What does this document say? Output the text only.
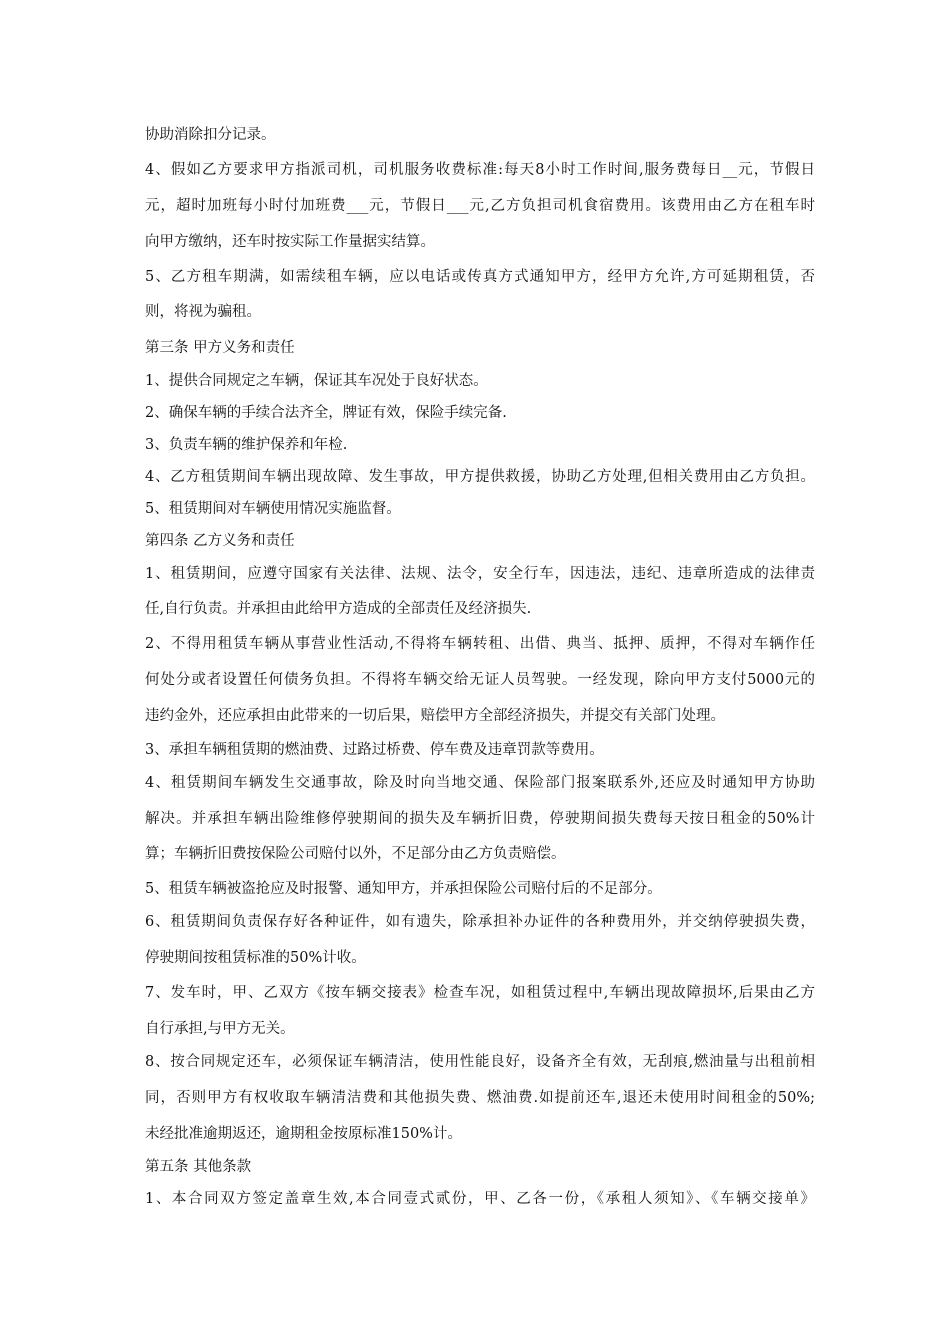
协助消除扣分记录。
4、假如乙方要求甲方指派司机，司机服务收费标准:每天8小时工作时间,服务费每日__元，节假日
元，超时加班每小时付加班费___元，节假日___元,乙方负担司机食宿费用。该费用由乙方在租车时
向甲方缴纳，还车时按实际工作量据实结算。
5、乙方租车期满，如需续租车辆，应以电话或传真方式通知甲方，经甲方允许,方可延期租赁，否
则，将视为骗租。
第三条 甲方义务和责任
1、提供合同规定之车辆，保证其车况处于良好状态。
2、确保车辆的手续合法齐全，牌证有效，保险手续完备.
3、负责车辆的维护保养和年检.
4、乙方租赁期间车辆出现故障、发生事故，甲方提供救援，协助乙方处理,但相关费用由乙方负担。
5、租赁期间对车辆使用情况实施监督。
第四条 乙方义务和责任
1、租赁期间，应遵守国家有关法律、法规、法令，安全行车，因违法，违纪、违章所造成的法律责
任,自行负责。并承担由此给甲方造成的全部责任及经济损失.
2、不得用租赁车辆从事营业性活动,不得将车辆转租、出借、典当、抵押、质押，不得对车辆作任
何处分或者设置任何债务负担。不得将车辆交给无证人员驾驶。一经发现，除向甲方支付5000元的
违约金外，还应承担由此带来的一切后果，赔偿甲方全部经济损失，并提交有关部门处理。
3、承担车辆租赁期的燃油费、过路过桥费、停车费及违章罚款等费用。
4、租赁期间车辆发生交通事故，除及时向当地交通、保险部门报案联系外,还应及时通知甲方协助
解决。并承担车辆出险维修停驶期间的损失及车辆折旧费，停驶期间损失费每天按日租金的50%计
算；车辆折旧费按保险公司赔付以外，不足部分由乙方负责赔偿。
5、租赁车辆被盗抢应及时报警、通知甲方，并承担保险公司赔付后的不足部分。
6、租赁期间负责保存好各种证件，如有遗失，除承担补办证件的各种费用外，并交纳停驶损失费，
停驶期间按租赁标准的50%计收。
7、发车时，甲、乙双方《按车辆交接表》检查车况，如租赁过程中,车辆出现故障损坏,后果由乙方
自行承担,与甲方无关。
8、按合同规定还车，必须保证车辆清洁，使用性能良好，设备齐全有效，无刮痕,燃油量与出租前相
同，否则甲方有权收取车辆清洁费和其他损失费、燃油费.如提前还车,退还未使用时间租金的50%;
未经批准逾期返还，逾期租金按原标准150%计。
第五条 其他条款
1、本合同双方签定盖章生效,本合同壹式贰份，甲、乙各一份，《承租人须知》、《车辆交接单》
